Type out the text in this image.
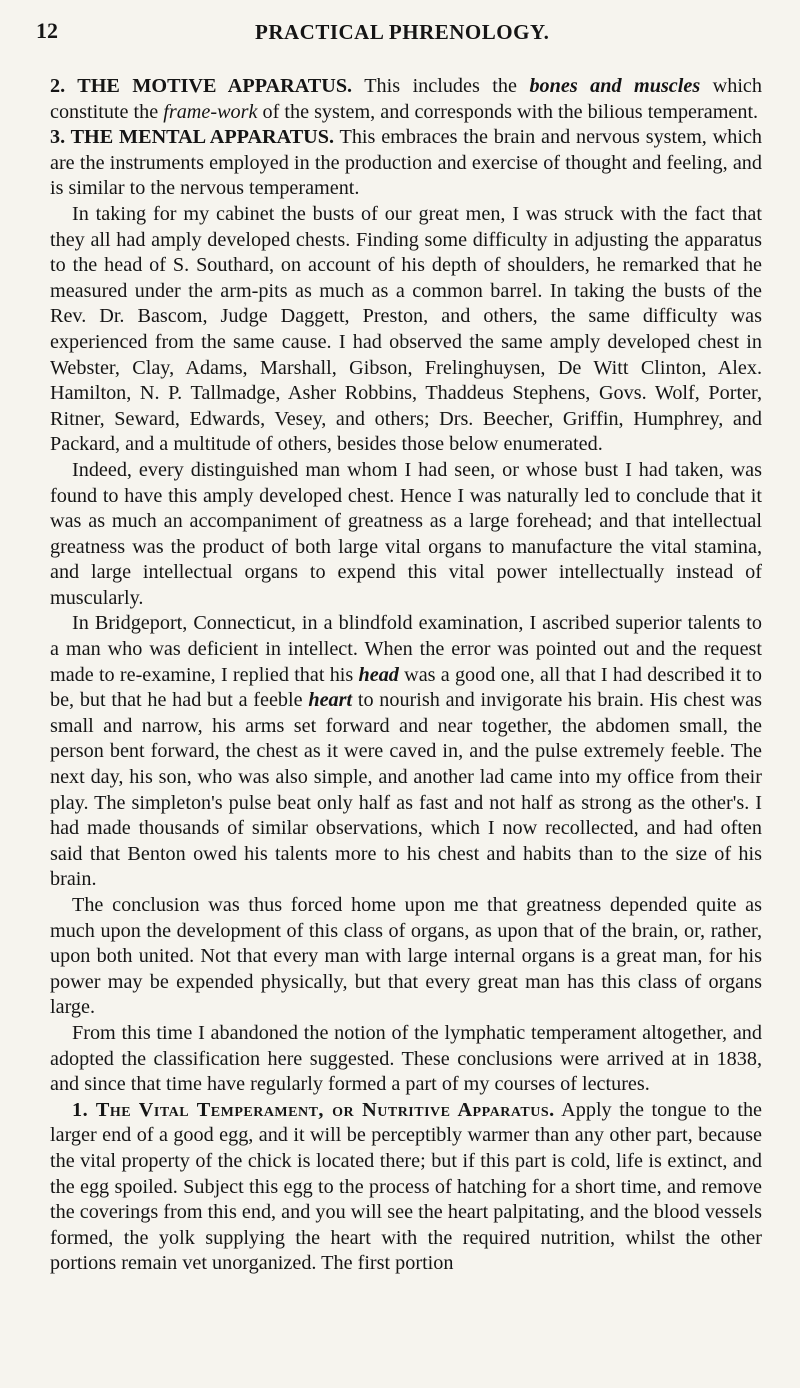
12	PRACTICAL PHRENOLOGY.

2. THE MOTIVE APPARATUS. This includes the bones and muscles which constitute the frame-work of the system, and corresponds with the bilious temperament.

3. THE MENTAL APPARATUS. This embraces the brain and nervous system, which are the instruments employed in the production and exercise of thought and feeling, and is similar to the nervous temperament.

In taking for my cabinet the busts of our great men, I was struck with the fact that they all had amply developed chests. Finding some difficulty in adjusting the apparatus to the head of S. Southard, on account of his depth of shoulders, he remarked that he measured under the arm-pits as much as a common barrel. In taking the busts of the Rev. Dr. Bascom, Judge Daggett, Preston, and others, the same difficulty was experienced from the same cause. I had observed the same amply developed chest in Webster, Clay, Adams, Marshall, Gibson, Frelinghuysen, De Witt Clinton, Alex. Hamilton, N. P. Tallmadge, Asher Robbins, Thaddeus Stephens, Govs. Wolf, Porter, Ritner, Seward, Edwards, Vesey, and others; Drs. Beecher, Griffin, Humphrey, and Packard, and a multitude of others, besides those below enumerated.

Indeed, every distinguished man whom I had seen, or whose bust I had taken, was found to have this amply developed chest. Hence I was naturally led to conclude that it was as much an accompaniment of greatness as a large forehead; and that intellectual greatness was the product of both large vital organs to manufacture the vital stamina, and large intellectual organs to expend this vital power intellectually instead of muscularly.

In Bridgeport, Connecticut, in a blindfold examination, I ascribed superior talents to a man who was deficient in intellect. When the error was pointed out and the request made to re-examine, I replied that his head was a good one, all that I had described it to be, but that he had but a feeble heart to nourish and invigorate his brain. His chest was small and narrow, his arms set forward and near together, the abdomen small, the person bent forward, the chest as it were caved in, and the pulse extremely feeble. The next day, his son, who was also simple, and another lad came into my office from their play. The simpleton's pulse beat only half as fast and not half as strong as the other's. I had made thousands of similar observations, which I now recollected, and had often said that Benton owed his talents more to his chest and habits than to the size of his brain.

The conclusion was thus forced home upon me that greatness depended quite as much upon the development of this class of organs, as upon that of the brain, or, rather, upon both united. Not that every man with large internal organs is a great man, for his power may be expended physically, but that every great man has this class of organs large.

From this time I abandoned the notion of the lymphatic temperament altogether, and adopted the classification here suggested. These conclusions were arrived at in 1838, and since that time have regularly formed a part of my courses of lectures.

1. The Vital Temperament, or Nutritive Apparatus. Apply the tongue to the larger end of a good egg, and it will be perceptibly warmer than any other part, because the vital property of the chick is located there; but if this part is cold, life is extinct, and the egg spoiled. Subject this egg to the process of hatching for a short time, and remove the coverings from this end, and you will see the heart palpitating, and the blood vessels formed, the yolk supplying the heart with the required nutrition, whilst the other portions remain vet unorganized. The first portion
